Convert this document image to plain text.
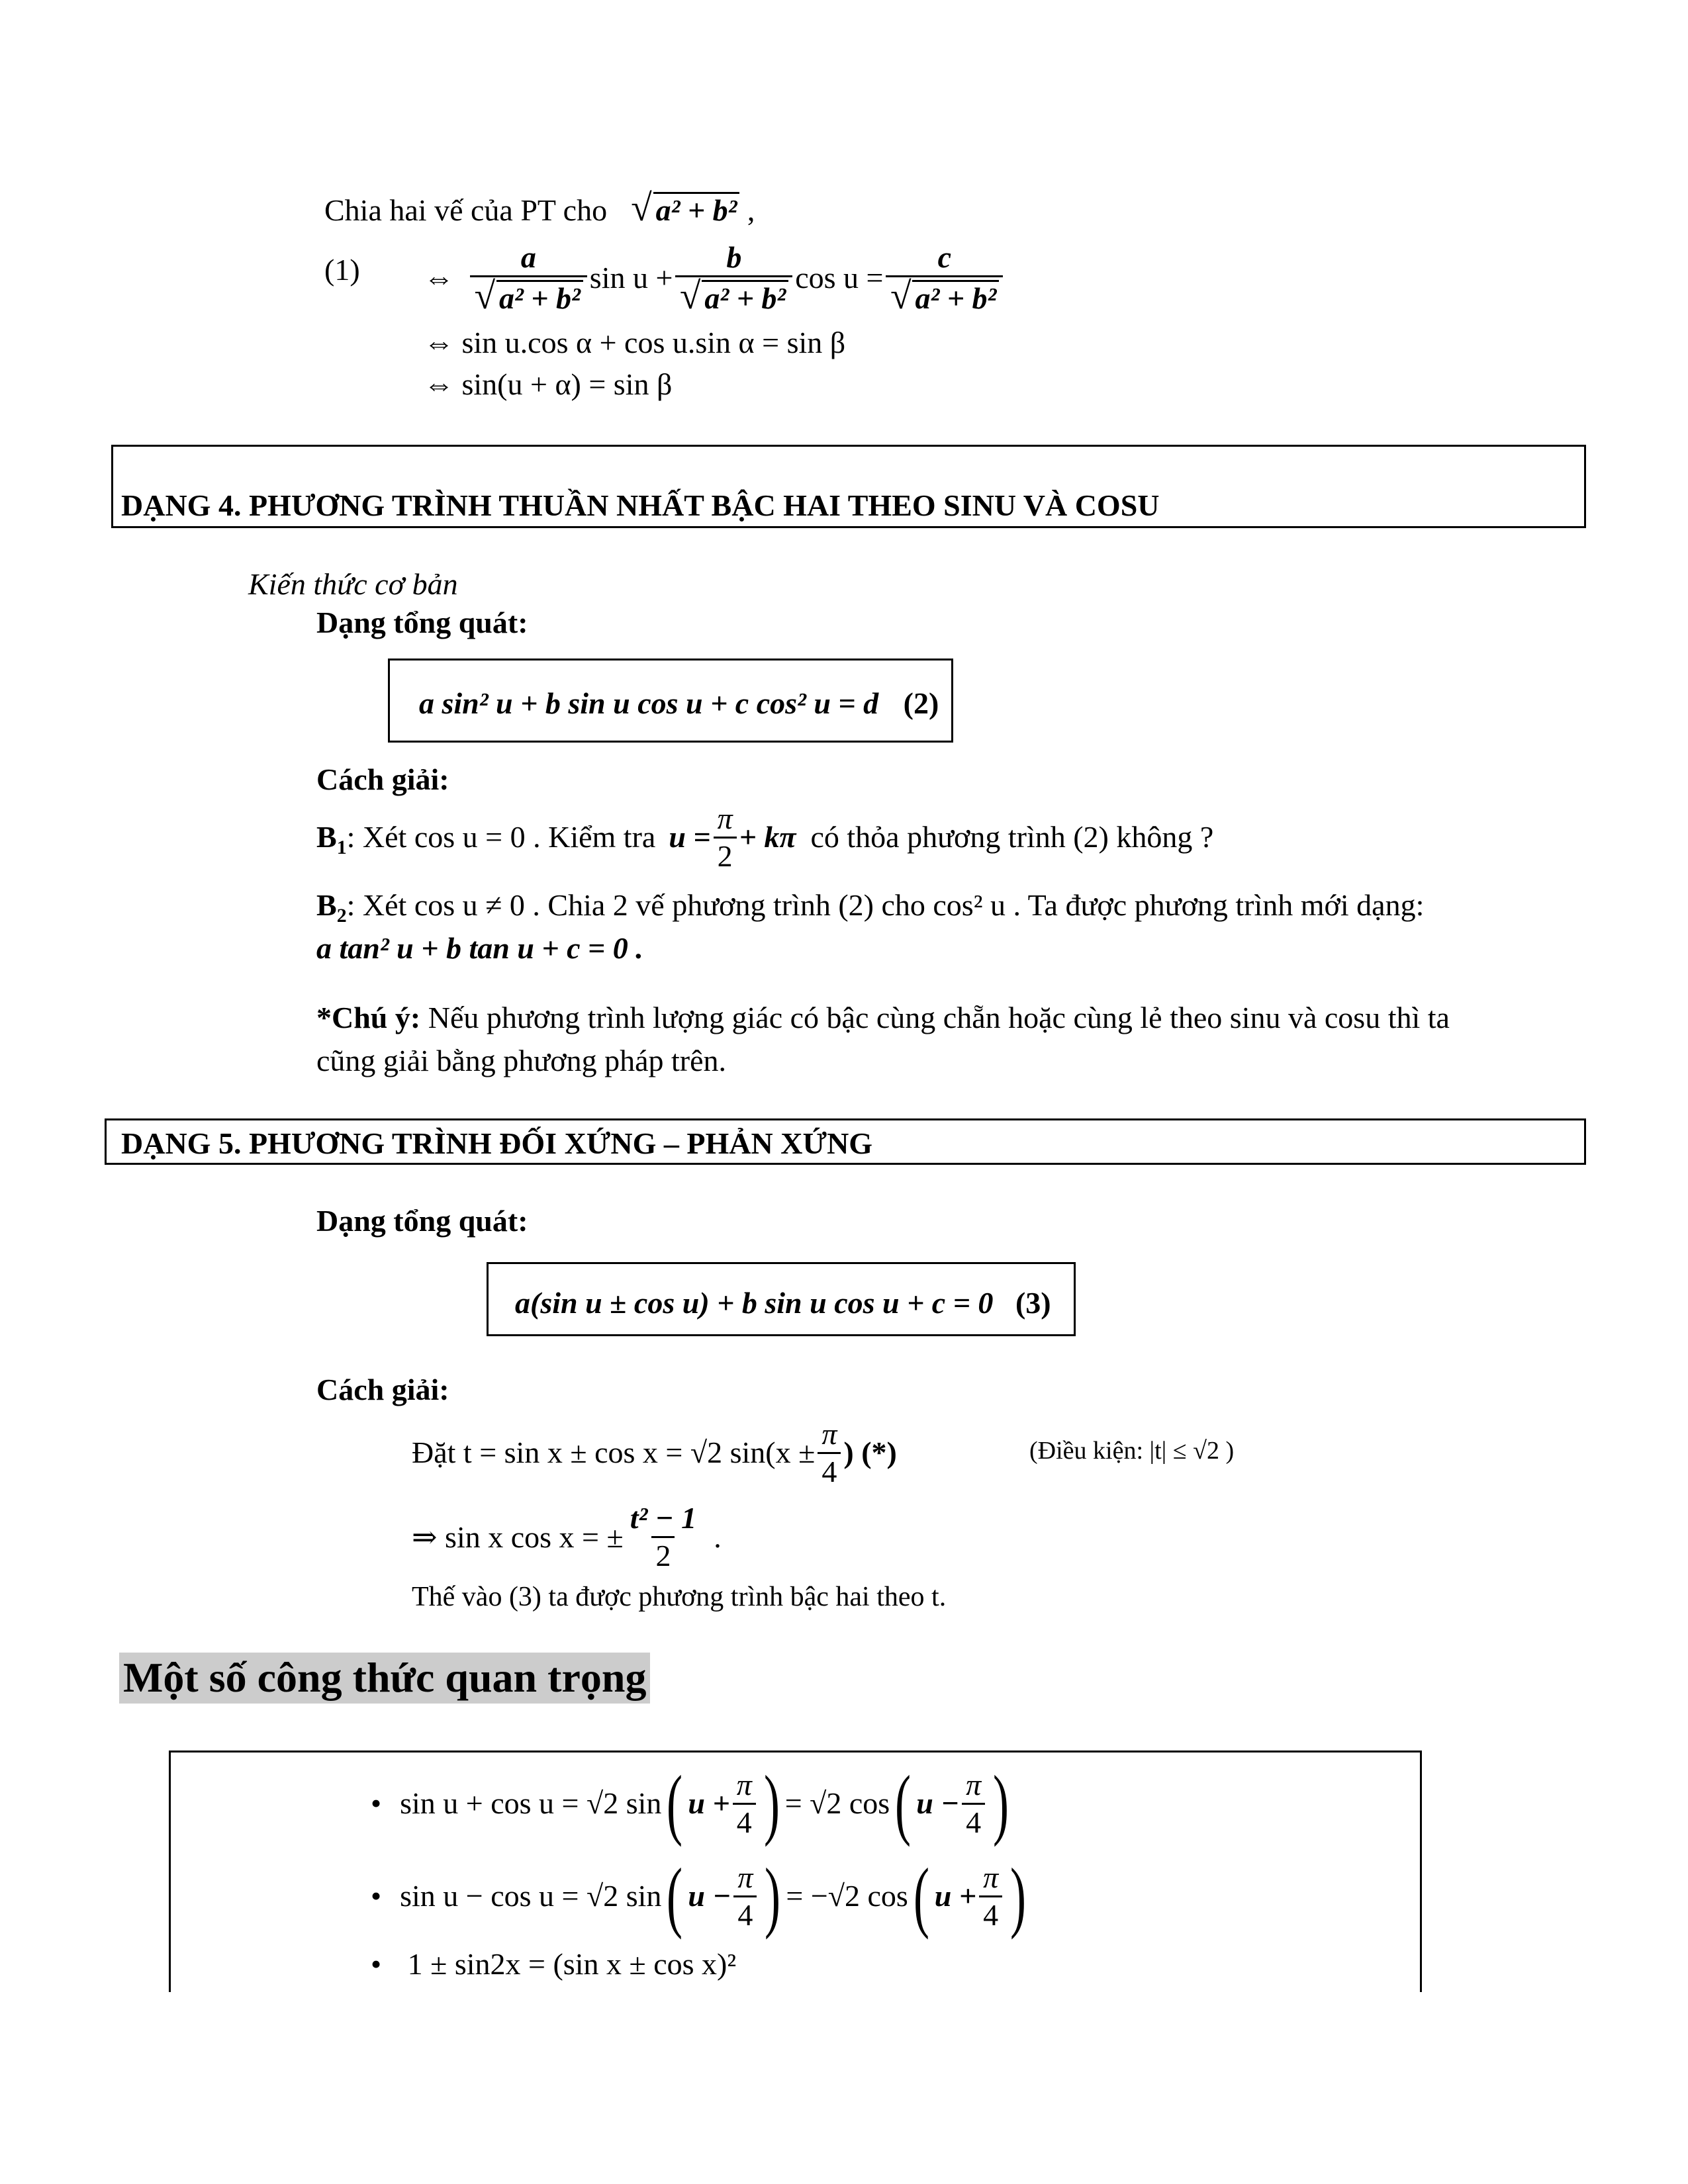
Chia hai vế của PT cho √ a² + b² ,
(1) ⇔ $\frac{a}{\text{√ a² + b²}}$ $\sin u + \frac{b}{\text{√ a² + b²}}$ $\cos u = \frac{c}{\text{√ a² + b²}}$
⇔ sin u.cos α + cos u.sin α = sin β
⇔ sin(u + α) = sin β
DẠNG 4. PHƯƠNG TRÌNH THUẦN NHẤT BẬC HAI THEO SINU VÀ COSU
Kiến thức cơ bản
Dạng tổng quát:
a sin² u + b sin u cos u + c cos² u = d (2)
Cách giải:
$B_1$ : Xét cos u = 0 . Kiểm tra $u = \frac{\pi}{2} + k\pi$ có thỏa phương trình (2) không ?
$B_2$: Xét cos u ≠ 0 . Chia 2 vế phương trình (2) cho cos² u . Ta được phương trình mới dạng:
a tan² u + b tan u + c = 0 .
*Chú ý: Nếu phương trình lượng giác có bậc cùng chẵn hoặc cùng lẻ theo sinu và cosu thì ta
cũng giải bằng phương pháp trên.
DẠNG 5. PHƯƠNG TRÌNH ĐỐI XỨNG – PHẢN XỨNG
Dạng tổng quát:
a(sin u ± cos u) + b sin u cos u + c = 0 (3)
Cách giải:
Đặt t = sin x ± cos x = √2 $\sin(x \pm \frac{\pi}{4}$ ) (*)	(Điều kiện: |t| ≤ √2 )
⇒ sin x cos x = ± $\frac{\text{t² − 1}}{2}$ .
Thế vào (3) ta được phương trình bậc hai theo t.
Một số công thức quan trọng
• sin u + cos u = √2 sin ( $u + \frac{\pi}{4}$ ) = √2 cos ( $u - \frac{\pi}{4}$ )
• sin u − cos u = √2 sin ( $u - \frac{\pi}{4}$ ) = −√2 cos ( $u + \frac{\pi}{4}$ )
• 1 ± sin2x = (sin x ± cos x)²
